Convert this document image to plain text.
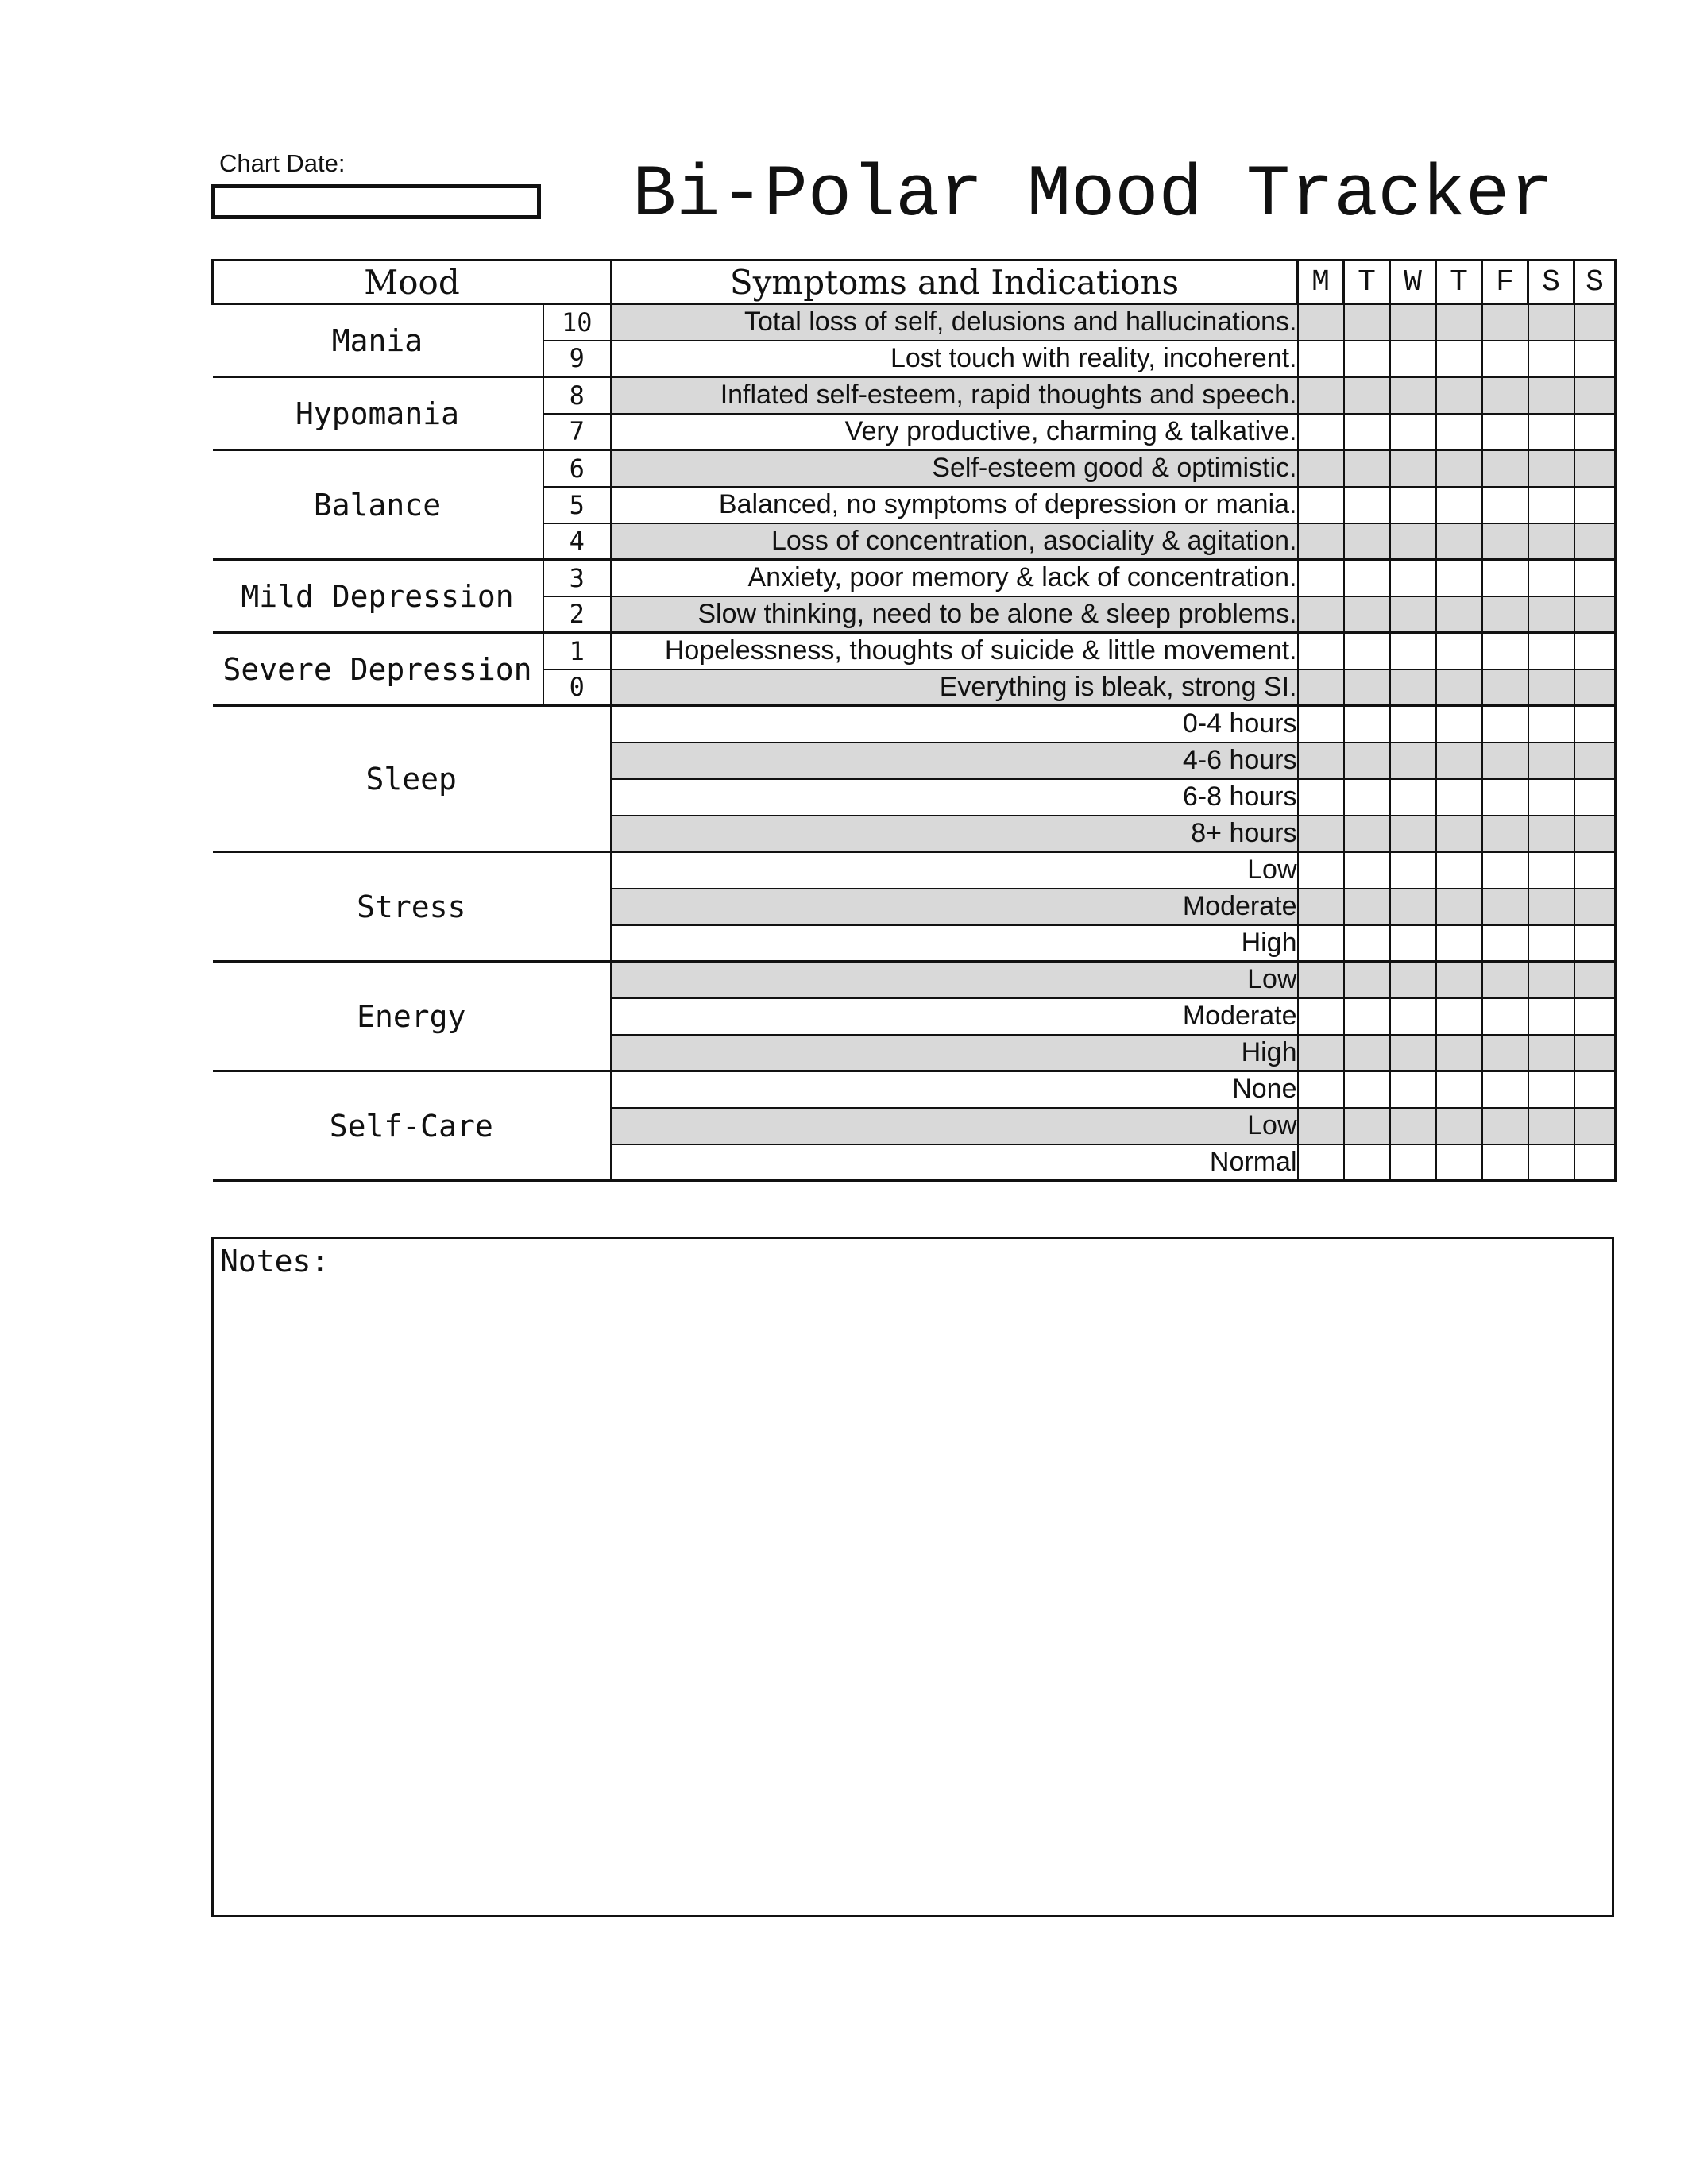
Chart Date:	Bi-Polar Mood Tracker
Mood		Symptoms and Indications	M	T	W	T	F	S	S
Mania	10	Total loss of self, delusions and hallucinations.							
	9	Lost touch with reality, incoherent.							
Hypomania	8	Inflated self-esteem, rapid thoughts and speech.							
	7	Very productive, charming & talkative.							
Balance	6	Self-esteem good & optimistic.							
	5	Balanced, no symptoms of depression or mania.							
	4	Loss of concentration, asociality & agitation.							
Mild Depression	3	Anxiety, poor memory & lack of concentration.							
	2	Slow thinking, need to be alone & sleep problems.							
Severe Depression	1	Hopelessness, thoughts of suicide & little movement.							
	0	Everything is bleak, strong SI.							
Sleep		0-4 hours							
		4-6 hours							
		6-8 hours							
		8+ hours							
Stress		Low							
		Moderate							
		High							
Energy		Low							
		Moderate							
		High							
Self-Care		None							
		Low							
		Normal							
Notes:
